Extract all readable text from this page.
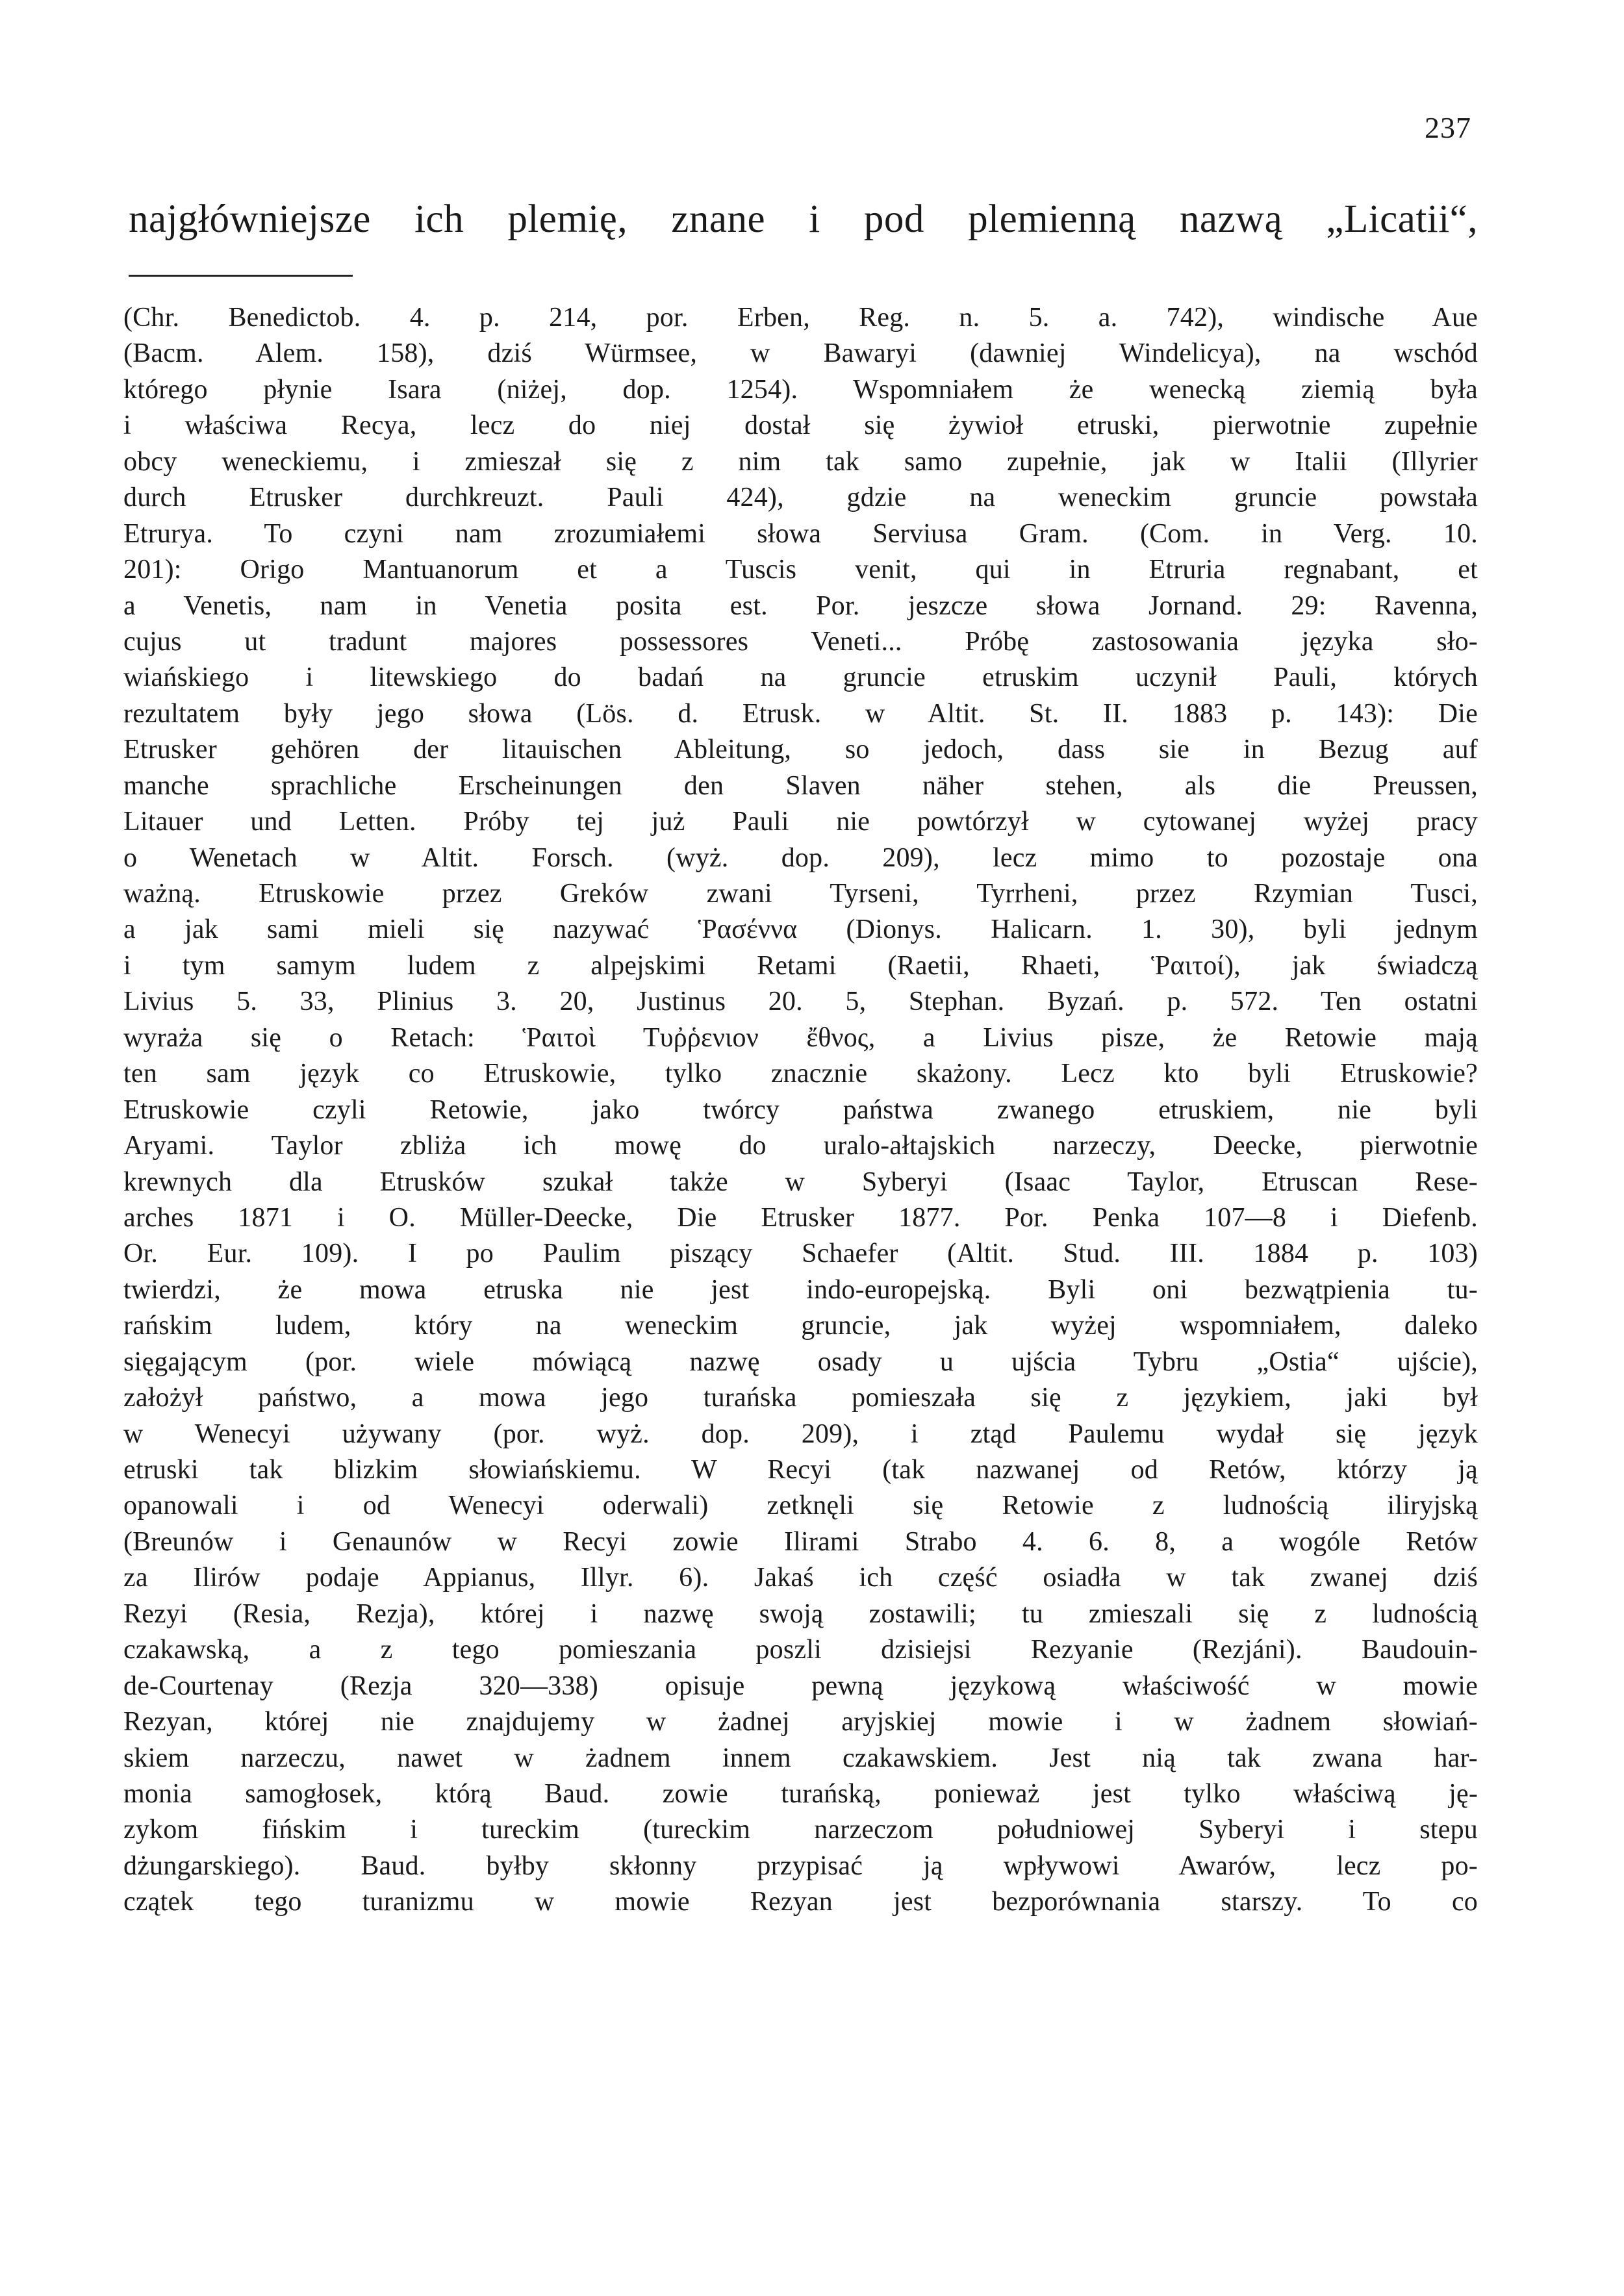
237

najgłówniejsze ich plemię, znane i pod plemienną nazwą „Licatii“,

(Chr. Benedictob. 4. p. 214, por. Erben, Reg. n. 5. a. 742), windische Aue

(Bacm. Alem. 158), dziś Würmsee, w Bawaryi (dawniej Windelicya), na wschód

którego płynie Isara (niżej, dop. 1254). Wspomniałem że wenecką ziemią była

i właściwa Recya, lecz do niej dostał się żywioł etruski, pierwotnie zupełnie

obcy weneckiemu, i zmieszał się z nim tak samo zupełnie, jak w Italii (Illyrier

durch Etrusker durchkreuzt. Pauli 424), gdzie na weneckim gruncie powstała

Etrurya. To czyni nam zrozumiałemi słowa Serviusa Gram. (Com. in Verg. 10.

201): Origo Mantuanorum et a Tuscis venit, qui in Etruria regnabant, et

a Venetis, nam in Venetia posita est. Por. jeszcze słowa Jornand. 29: Ravenna,

cujus ut tradunt majores possessores Veneti... Próbę zastosowania języka sło-

wiańskiego i litewskiego do badań na gruncie etruskim uczynił Pauli, których

rezultatem były jego słowa (Lös. d. Etrusk. w Altit. St. II. 1883 p. 143): Die

Etrusker gehören der litauischen Ableitung, so jedoch, dass sie in Bezug auf

manche sprachliche Erscheinungen den Slaven näher stehen, als die Preussen,

Litauer und Letten. Próby tej już Pauli nie powtórzył w cytowanej wyżej pracy

o Wenetach w Altit. Forsch. (wyż. dop. 209), lecz mimo to pozostaje ona

ważną. Etruskowie przez Greków zwani Tyrseni, Tyrrheni, przez Rzymian Tusci,

a jak sami mieli się nazywać Ῥασέννα (Dionys. Halicarn. 1. 30), byli jednym

i tym samym ludem z alpejskimi Retami (Raetii, Rhaeti, Ῥαιτοί), jak świadczą

Livius 5. 33, Plinius 3. 20, Justinus 20. 5, Stephan. Byzań. p. 572. Ten ostatni

wyraża się o Retach: Ῥαιτοὶ Τυῤῥενιον ἔθνος, a Livius pisze, że Retowie mają

ten sam język co Etruskowie, tylko znacznie skażony. Lecz kto byli Etruskowie?

Etruskowie czyli Retowie, jako twórcy państwa zwanego etruskiem, nie byli

Aryami. Taylor zbliża ich mowę do uralo-ałtajskich narzeczy, Deecke, pierwotnie

krewnych dla Etrusków szukał także w Syberyi (Isaac Taylor, Etruscan Rese-

arches 1871 i O. Müller-Deecke, Die Etrusker 1877. Por. Penka 107—8 i Diefenb.

Or. Eur. 109). I po Paulim piszący Schaefer (Altit. Stud. III. 1884 p. 103)

twierdzi, że mowa etruska nie jest indo-europejską. Byli oni bezwątpienia tu-

rańskim ludem, który na weneckim gruncie, jak wyżej wspomniałem, daleko

sięgającym (por. wiele mówiącą nazwę osady u ujścia Tybru „Ostia“ ujście),

założył państwo, a mowa jego turańska pomieszała się z językiem, jaki był

w Wenecyi używany (por. wyż. dop. 209), i ztąd Paulemu wydał się język

etruski tak blizkim słowiańskiemu. W Recyi (tak nazwanej od Retów, którzy ją

opanowali i od Wenecyi oderwali) zetknęli się Retowie z ludnością iliryjską

(Breunów i Genaunów w Recyi zowie Ilirami Strabo 4. 6. 8, a wogóle Retów

za Ilirów podaje Appianus, Illyr. 6). Jakaś ich część osiadła w tak zwanej dziś

Rezyi (Resia, Rezja), której i nazwę swoją zostawili; tu zmieszali się z ludnością

czakawską, a z tego pomieszania poszli dzisiejsi Rezyanie (Rezjáni). Baudouin-

de-Courtenay (Rezja 320—338) opisuje pewną językową właściwość w mowie

Rezyan, której nie znajdujemy w żadnej aryjskiej mowie i w żadnem słowiań-

skiem narzeczu, nawet w żadnem innem czakawskiem. Jest nią tak zwana har-

monia samogłosek, którą Baud. zowie turańską, ponieważ jest tylko właściwą ję-

zykom fińskim i tureckim (tureckim narzeczom południowej Syberyi i stepu

dżungarskiego). Baud. byłby skłonny przypisać ją wpływowi Awarów, lecz po-

czątek tego turanizmu w mowie Rezyan jest bezporównania starszy. To co
